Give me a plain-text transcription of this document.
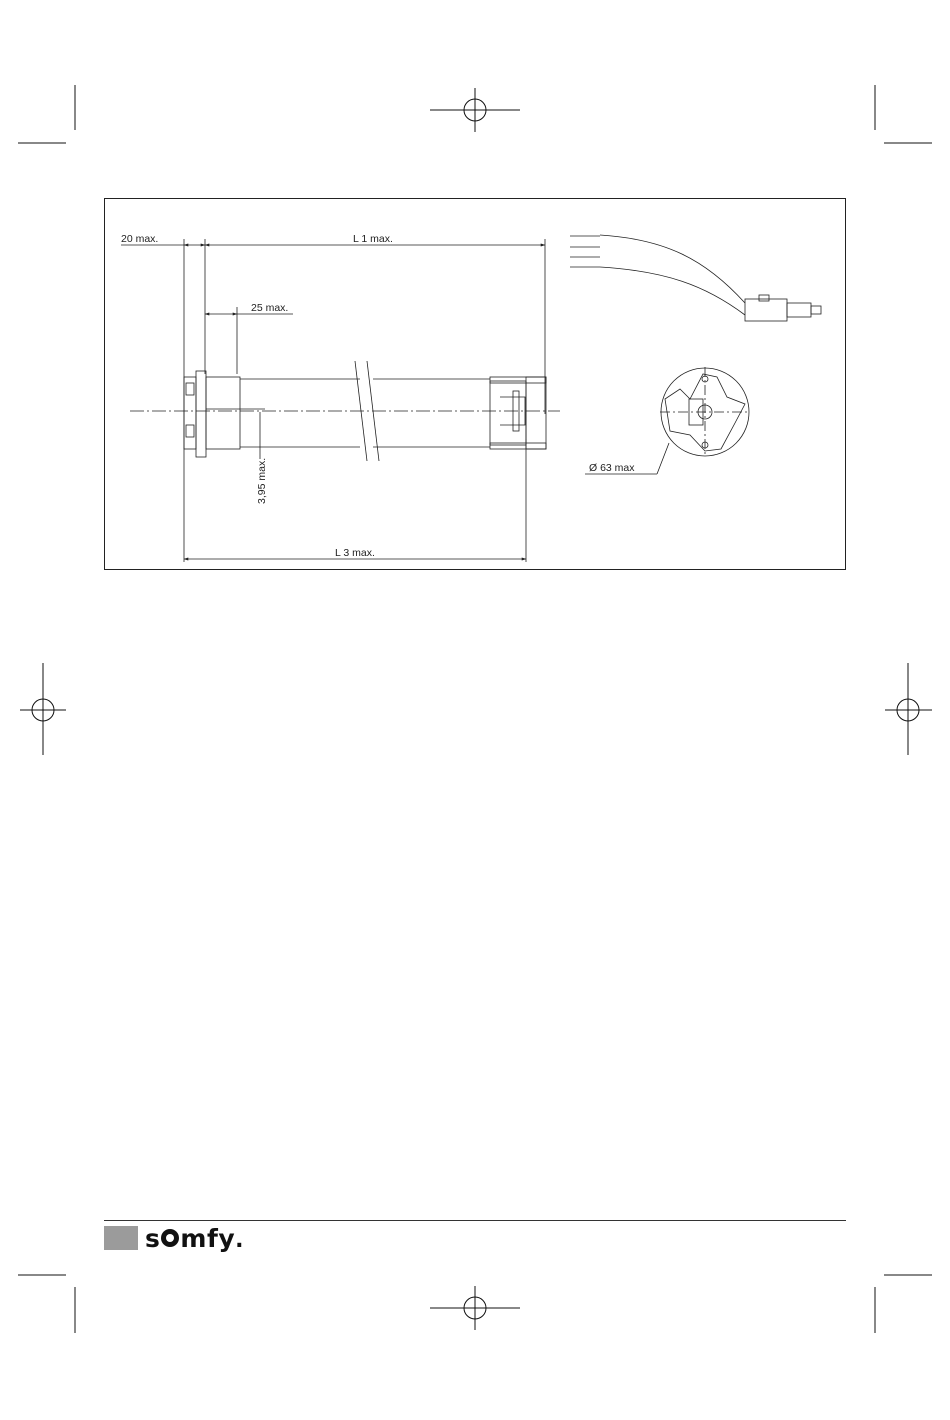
20 max.	L 1 max.
25 max.
L 3 max.
3,95 max.	Ø 63 max
s mfy .
